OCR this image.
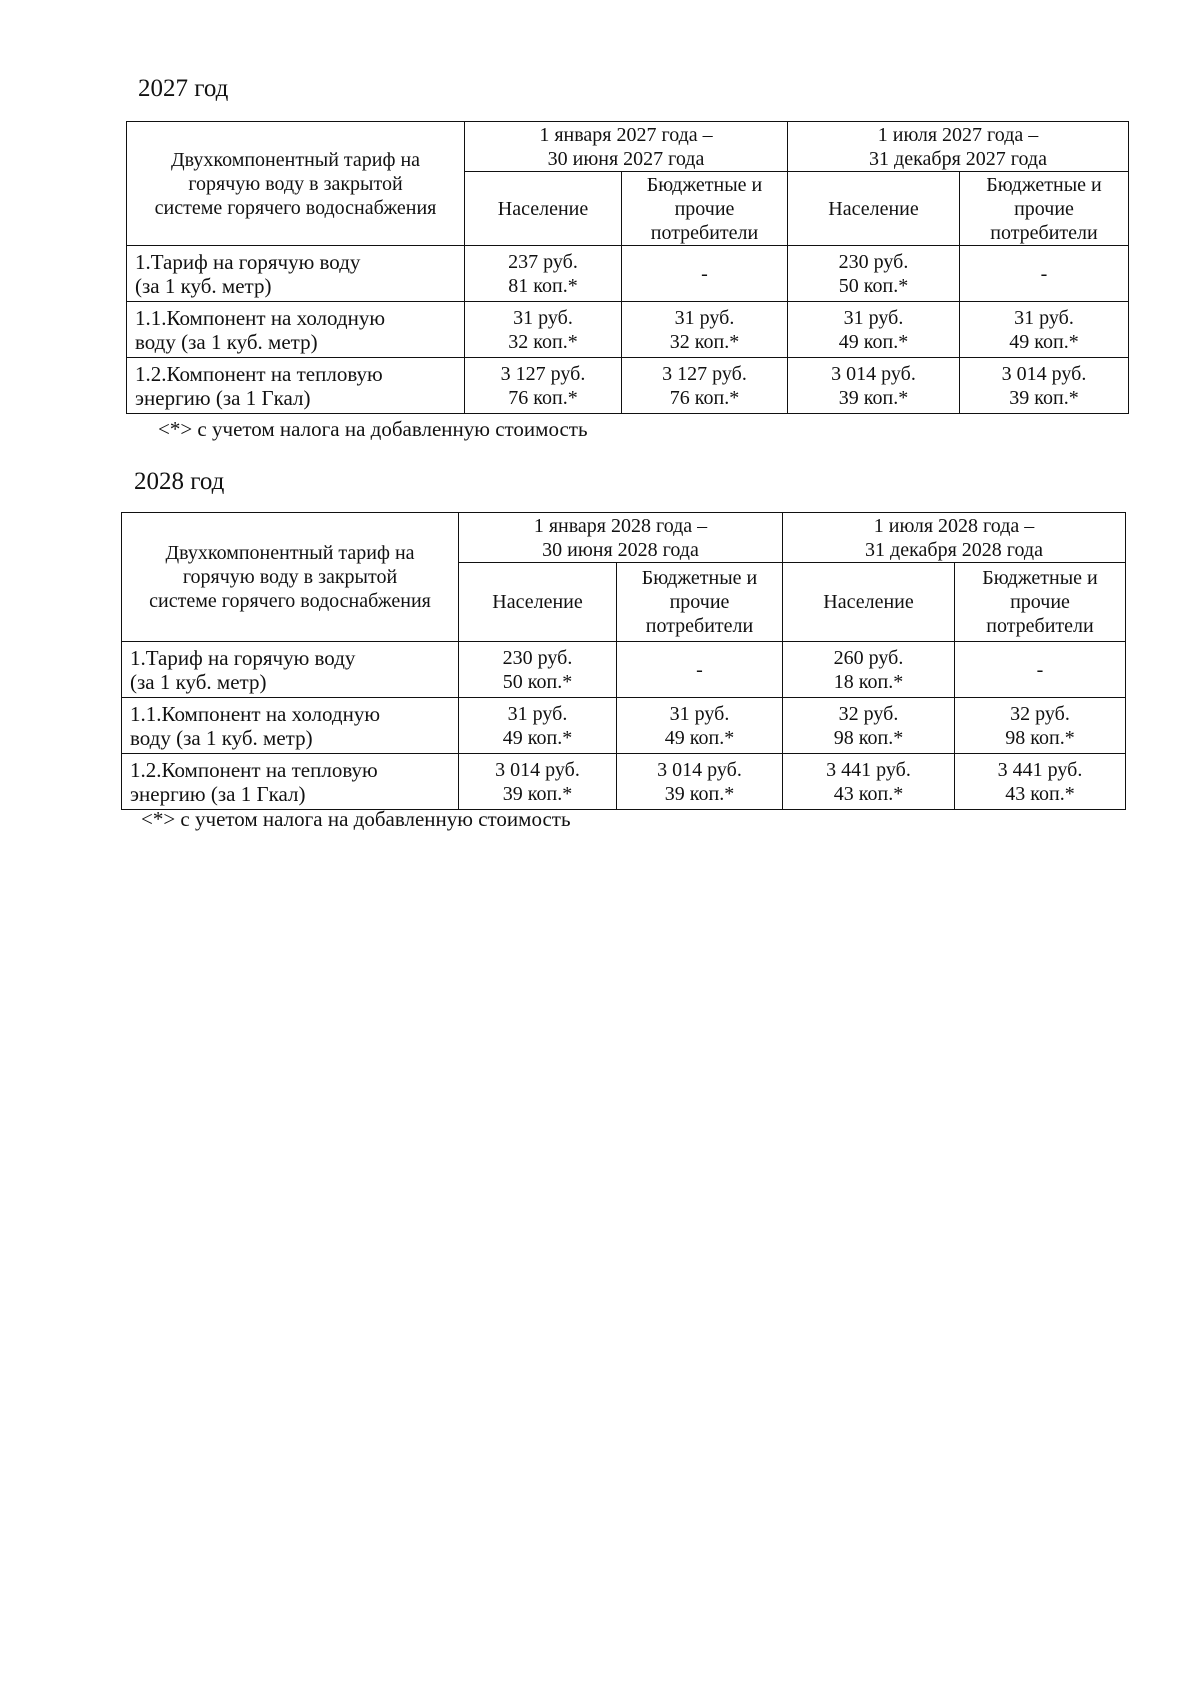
2027 год
Двухкомпонентный тариф на
горячую воду в закрытой
системе горячего водоснабжения	1 января 2027 года –
30 июня 2027 года		1 июля 2027 года –
31 декабря 2027 года	

	Население	Бюджетные и
прочие
потребители	Население	Бюджетные и
прочие
потребители

1.Тариф на горячую воду
(за 1 куб. метр)	237 руб.
81 коп.*	-	230 руб.
50 коп.*	-

1.1.Компонент на холодную
воду (за 1 куб. метр)	31 руб.
32 коп.*	31 руб.
32 коп.*	31 руб.
49 коп.*	31 руб.
49 коп.*

1.2.Компонент на тепловую
энергию (за 1 Гкал)	3 127 руб.
76 коп.*	3 127 руб.
76 коп.*	3 014 руб.
39 коп.*	3 014 руб.
39 коп.*
<*> с учетом налога на добавленную стоимость
2028 год
Двухкомпонентный тариф на
горячую воду в закрытой
системе горячего водоснабжения	1 января 2028 года –
30 июня 2028 года		1 июля 2028 года –
31 декабря 2028 года	

	Население	Бюджетные и
прочие
потребители	Население	Бюджетные и
прочие
потребители

1.Тариф на горячую воду
(за 1 куб. метр)	230 руб.
50 коп.*	-	260 руб.
18 коп.*	-

1.1.Компонент на холодную
воду (за 1 куб. метр)	31 руб.
49 коп.*	31 руб.
49 коп.*	32 руб.
98 коп.*	32 руб.
98 коп.*

1.2.Компонент на тепловую
энергию (за 1 Гкал)	3 014 руб.
39 коп.*	3 014 руб.
39 коп.*	3 441 руб.
43 коп.*	3 441 руб.
43 коп.*
<*> с учетом налога на добавленную стоимость
